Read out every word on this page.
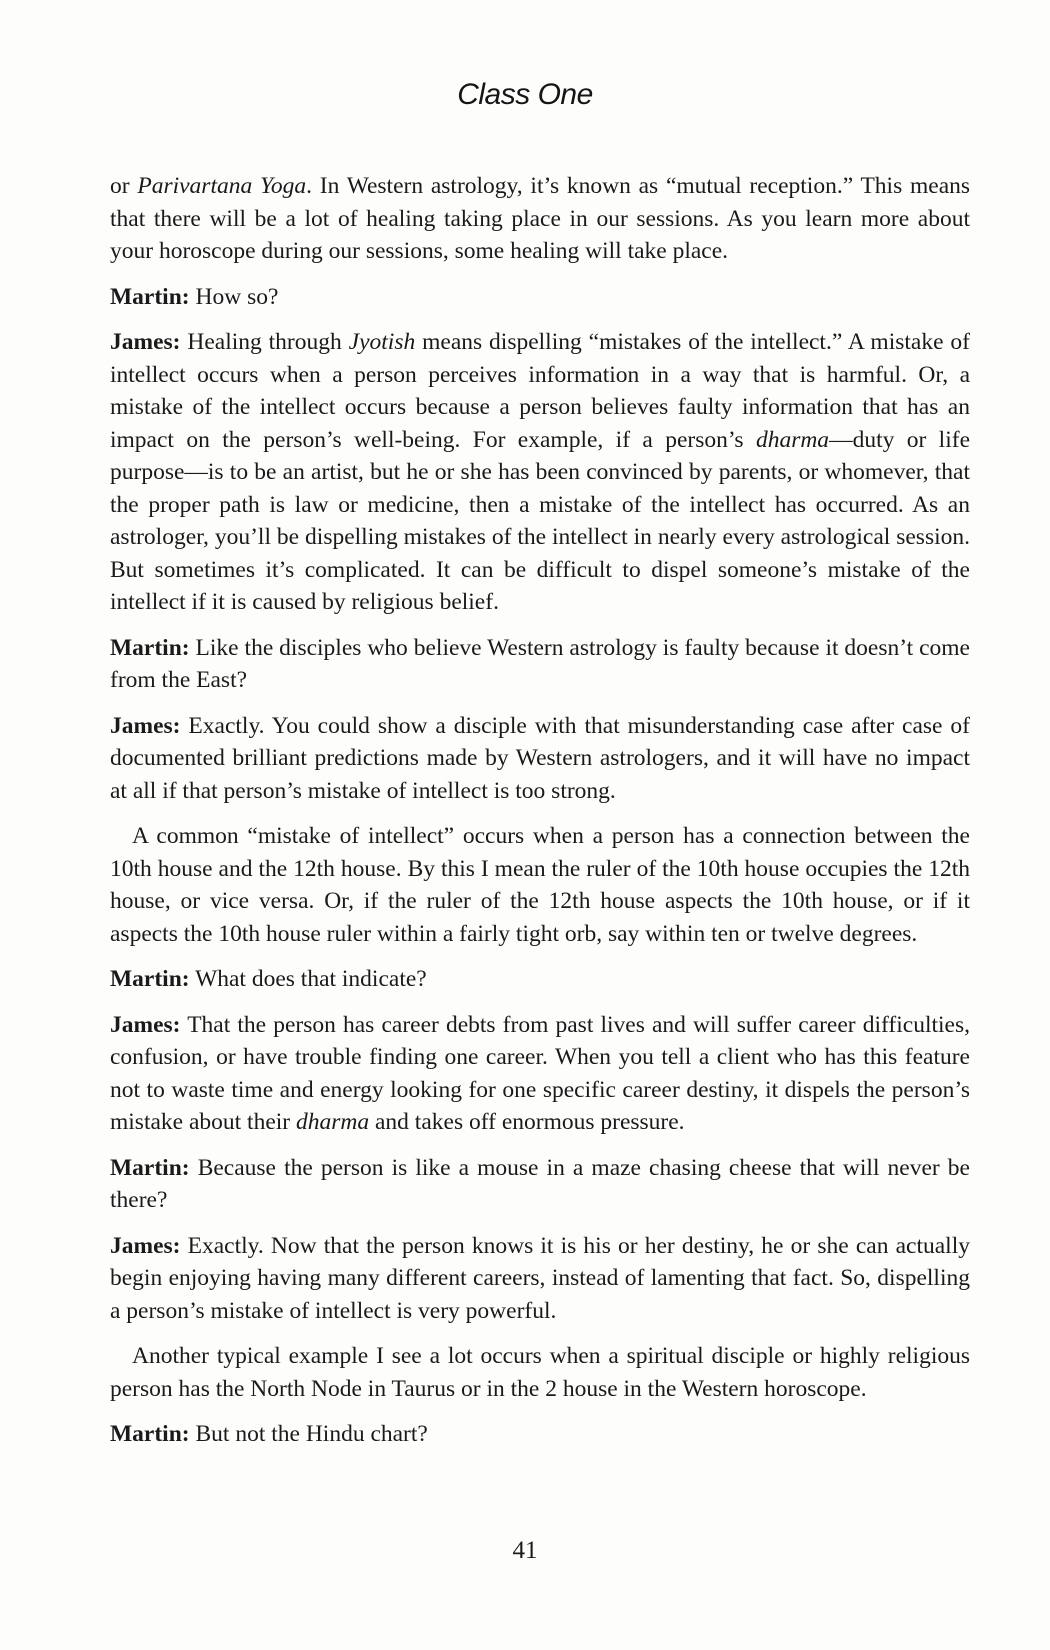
Class One

or Parivartana Yoga. In Western astrology, it’s known as “mutual reception.” This means that there will be a lot of healing taking place in our sessions. As you learn more about your horoscope during our sessions, some healing will take place.

Martin: How so?

James: Healing through Jyotish means dispelling “mistakes of the intellect.” A mistake of intellect occurs when a person perceives information in a way that is harmful. Or, a mistake of the intellect occurs because a person believes faulty information that has an impact on the person’s well-being. For example, if a person’s dharma—duty or life purpose—is to be an artist, but he or she has been convinced by parents, or whomever, that the proper path is law or medicine, then a mistake of the intellect has occurred. As an astrologer, you’ll be dispelling mistakes of the intellect in nearly every astrological session. But sometimes it’s complicated. It can be difficult to dispel someone’s mistake of the intellect if it is caused by religious belief.

Martin: Like the disciples who believe Western astrology is faulty because it doesn’t come from the East?

James: Exactly. You could show a disciple with that misunderstanding case after case of documented brilliant predictions made by Western astrologers, and it will have no impact at all if that person’s mistake of intellect is too strong.

A common “mistake of intellect” occurs when a person has a connection between the 10th house and the 12th house. By this I mean the ruler of the 10th house occupies the 12th house, or vice versa. Or, if the ruler of the 12th house aspects the 10th house, or if it aspects the 10th house ruler within a fairly tight orb, say within ten or twelve degrees.

Martin: What does that indicate?

James: That the person has career debts from past lives and will suffer career difficulties, confusion, or have trouble finding one career. When you tell a client who has this feature not to waste time and energy looking for one specific career destiny, it dispels the person’s mistake about their dharma and takes off enormous pressure.

Martin: Because the person is like a mouse in a maze chasing cheese that will never be there?

James: Exactly. Now that the person knows it is his or her destiny, he or she can actually begin enjoying having many different careers, instead of lamenting that fact. So, dispelling a person’s mistake of intellect is very powerful.

Another typical example I see a lot occurs when a spiritual disciple or highly religious person has the North Node in Taurus or in the 2 house in the Western horoscope.

Martin: But not the Hindu chart?

41
